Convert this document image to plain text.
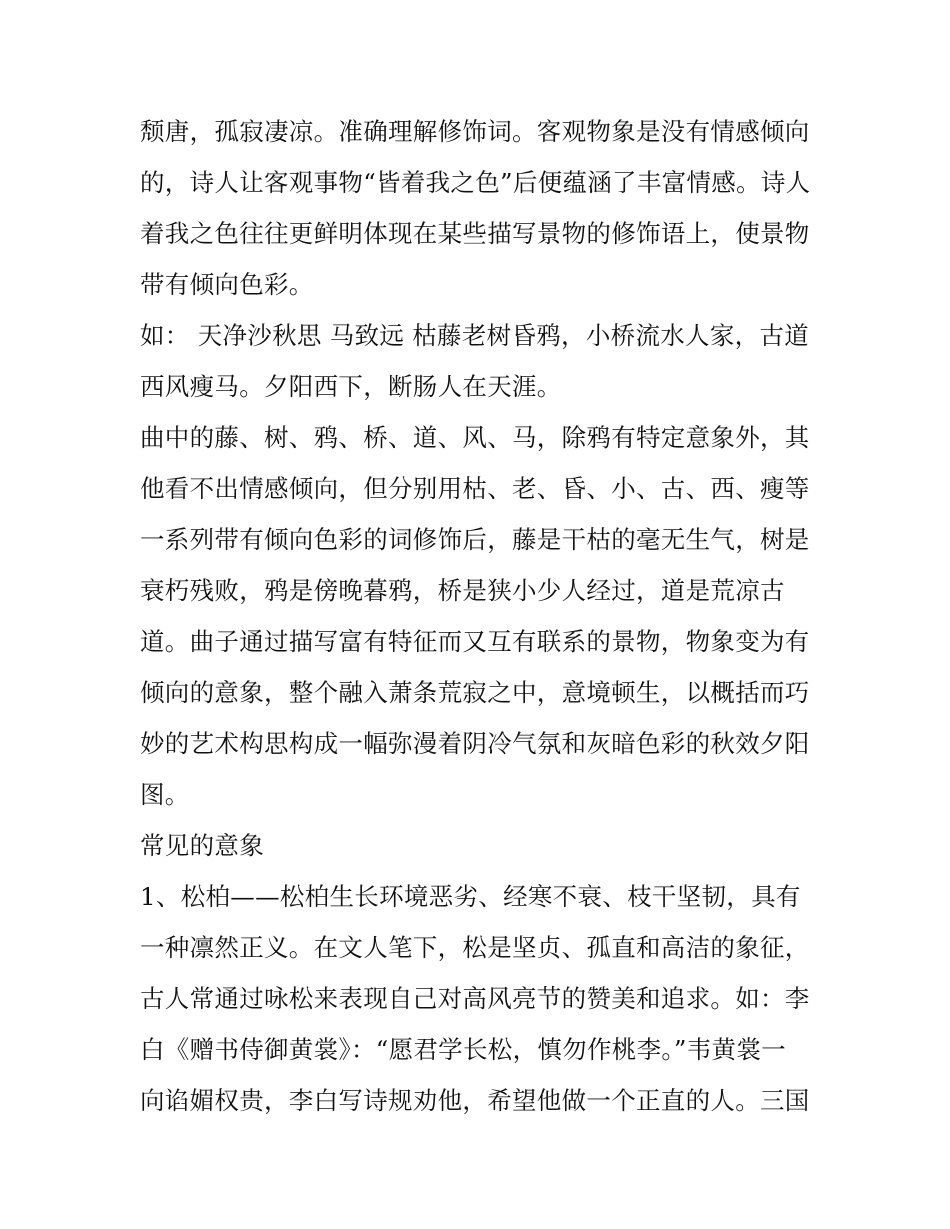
颓唐，孤寂凄凉。准确理解修饰词。客观物象是没有情感倾向
的，诗人让客观事物“皆着我之色”后便蕴涵了丰富情感。诗人
着我之色往往更鲜明体现在某些描写景物的修饰语上，使景物
带有倾向色彩。
如： 天净沙秋思 马致远 枯藤老树昏鸦，小桥流水人家，古道
西风瘦马。夕阳西下，断肠人在天涯。
曲中的藤、树、鸦、桥、道、风、马，除鸦有特定意象外，其
他看不出情感倾向，但分别用枯、老、昏、小、古、西、瘦等
一系列带有倾向色彩的词修饰后，藤是干枯的毫无生气，树是
衰朽残败，鸦是傍晚暮鸦，桥是狭小少人经过，道是荒凉古
道。曲子通过描写富有特征而又互有联系的景物，物象变为有
倾向的意象，整个融入萧条荒寂之中，意境顿生，以概括而巧
妙的艺术构思构成一幅弥漫着阴冷气氛和灰暗色彩的秋效夕阳
图。
常见的意象
1、松柏——松柏生长环境恶劣、经寒不衰、枝干坚韧，具有
一种凛然正义。在文人笔下，松是坚贞、孤直和高洁的象征，
古人常通过咏松来表现自己对高风亮节的赞美和追求。如：李
白《赠书侍御黄裳》：“愿君学长松，慎勿作桃李。”韦黄裳一
向谄媚权贵，李白写诗规劝他，希望他做一个正直的人。三国
